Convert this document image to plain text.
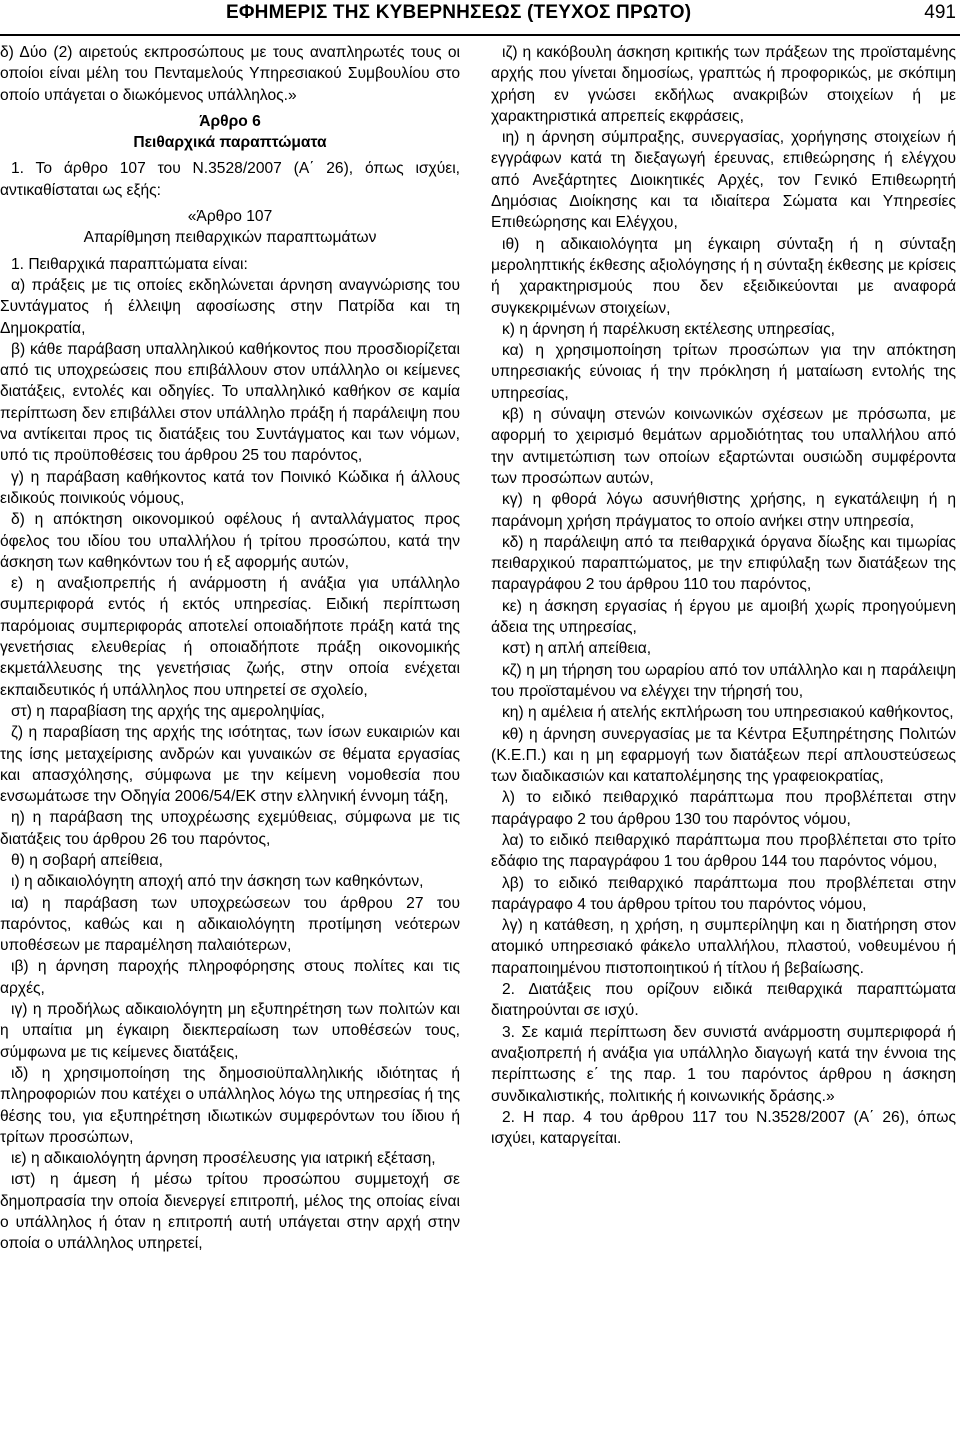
ΕΦΗΜΕΡΙΣ ΤΗΣ ΚΥΒΕΡΝΗΣΕΩΣ (ΤΕΥΧΟΣ ΠΡΩΤΟ)	491

δ) Δύο (2) αιρετούς εκπροσώπους με τους αναπληρωτές τους οι οποίοι είναι μέλη του Πενταμελούς Υπηρεσιακού Συμβουλίου στο οποίο υπάγεται ο διωκόμενος υπάλληλος.»

Άρθρο 6

Πειθαρχικά παραπτώματα

1. Το άρθρο 107 του Ν.3528/2007 (Α΄ 26), όπως ισχύει, αντικαθίσταται ως εξής:

«Άρθρο 107

Απαρίθμηση πειθαρχικών παραπτωμάτων

1. Πειθαρχικά παραπτώματα είναι:

α) πράξεις με τις οποίες εκδηλώνεται άρνηση αναγνώρισης του Συντάγματος ή έλλειψη αφοσίωσης στην Πατρίδα και τη Δημοκρατία,

β) κάθε παράβαση υπαλληλικού καθήκοντος που προσδιορίζεται από τις υποχρεώσεις που επιβάλλουν στον υπάλληλο οι κείμενες διατάξεις, εντολές και οδηγίες. Το υπαλληλικό καθήκον σε καμία περίπτωση δεν επιβάλλει στον υπάλληλο πράξη ή παράλειψη που να αντίκειται προς τις διατάξεις του Συντάγματος και των νόμων, υπό τις προϋποθέσεις του άρθρου 25 του παρόντος,

γ) η παράβαση καθήκοντος κατά τον Ποινικό Κώδικα ή άλλους ειδικούς ποινικούς νόμους,

δ) η απόκτηση οικονομικού οφέλους ή ανταλλάγματος προς όφελος του ιδίου του υπαλλήλου ή τρίτου προσώπου, κατά την άσκηση των καθηκόντων του ή εξ αφορμής αυτών,

ε) η αναξιοπρεπής ή ανάρμοστη ή ανάξια για υπάλληλο συμπεριφορά εντός ή εκτός υπηρεσίας. Ειδική περίπτωση παρόμοιας συμπεριφοράς αποτελεί οποιαδήποτε πράξη κατά της γενετήσιας ελευθερίας ή οποιαδήποτε πράξη οικονομικής εκμετάλλευσης της γενετήσιας ζωής, στην οποία ενέχεται εκπαιδευτικός ή υπάλληλος που υπηρετεί σε σχολείο,

στ) η παραβίαση της αρχής της αμεροληψίας,

ζ) η παραβίαση της αρχής της ισότητας, των ίσων ευκαιριών και της ίσης μεταχείρισης ανδρών και γυναικών σε θέματα εργασίας και απασχόλησης, σύμφωνα με την κείμενη νομοθεσία που ενσωμάτωσε την Οδηγία 2006/54/ΕΚ στην ελληνική έννομη τάξη,

η) η παράβαση της υποχρέωσης εχεμύθειας, σύμφωνα με τις διατάξεις του άρθρου 26 του παρόντος,

θ) η σοβαρή απείθεια,

ι) η αδικαιολόγητη αποχή από την άσκηση των καθηκόντων,

ια) η παράβαση των υποχρεώσεων του άρθρου 27 του παρόντος, καθώς και η αδικαιολόγητη προτίμηση νεότερων υποθέσεων με παραμέληση παλαιότερων,

ιβ) η άρνηση παροχής πληροφόρησης στους πολίτες και τις αρχές,

ιγ) η προδήλως αδικαιολόγητη μη εξυπηρέτηση των πολιτών και η υπαίτια μη έγκαιρη διεκπεραίωση των υποθέσεών τους, σύμφωνα με τις κείμενες διατάξεις,

ιδ) η χρησιμοποίηση της δημοσιοϋπαλληλικής ιδιότητας ή πληροφοριών που κατέχει ο υπάλληλος λόγω της υπηρεσίας ή της θέσης του, για εξυπηρέτηση ιδιωτικών συμφερόντων του ίδιου ή τρίτων προσώπων,

ιε) η αδικαιολόγητη άρνηση προσέλευσης για ιατρική εξέταση,

ιστ) η άμεση ή μέσω τρίτου προσώπου συμμετοχή σε δημοπρασία την οποία διενεργεί επιτροπή, μέλος της οποίας είναι ο υπάλληλος ή όταν η επιτροπή αυτή υπάγεται στην αρχή στην οποία ο υπάλληλος υπηρετεί,

ιζ) η κακόβουλη άσκηση κριτικής των πράξεων της προϊσταμένης αρχής που γίνεται δημοσίως, γραπτώς ή προφορικώς, με σκόπιμη χρήση εν γνώσει εκδήλως ανακριβών στοιχείων ή με χαρακτηριστικά απρεπείς εκφράσεις,

ιη) η άρνηση σύμπραξης, συνεργασίας, χορήγησης στοιχείων ή εγγράφων κατά τη διεξαγωγή έρευνας, επιθεώρησης ή ελέγχου από Ανεξάρτητες Διοικητικές Αρχές, τον Γενικό Επιθεωρητή Δημόσιας Διοίκησης και τα ιδιαίτερα Σώματα και Υπηρεσίες Επιθεώρησης και Ελέγχου,

ιθ) η αδικαιολόγητα μη έγκαιρη σύνταξη ή η σύνταξη μεροληπτικής έκθεσης αξιολόγησης ή η σύνταξη έκθεσης με κρίσεις ή χαρακτηρισμούς που δεν εξειδικεύονται με αναφορά συγκεκριμένων στοιχείων,

κ) η άρνηση ή παρέλκυση εκτέλεσης υπηρεσίας,

κα) η χρησιμοποίηση τρίτων προσώπων για την απόκτηση υπηρεσιακής εύνοιας ή την πρόκληση ή ματαίωση εντολής της υπηρεσίας,

κβ) η σύναψη στενών κοινωνικών σχέσεων με πρόσωπα, με αφορμή το χειρισμό θεμάτων αρμοδιότητας του υπαλλήλου από την αντιμετώπιση των οποίων εξαρτώνται ουσιώδη συμφέροντα των προσώπων αυτών,

κγ) η φθορά λόγω ασυνήθιστης χρήσης, η εγκατάλειψη ή η παράνομη χρήση πράγματος το οποίο ανήκει στην υπηρεσία,

κδ) η παράλειψη από τα πειθαρχικά όργανα δίωξης και τιμωρίας πειθαρχικού παραπτώματος, με την επιφύλαξη των διατάξεων της παραγράφου 2 του άρθρου 110 του παρόντος,

κε) η άσκηση εργασίας ή έργου με αμοιβή χωρίς προηγούμενη άδεια της υπηρεσίας,

κστ) η απλή απείθεια,

κζ) η μη τήρηση του ωραρίου από τον υπάλληλο και η παράλειψη του προϊσταμένου να ελέγχει την τήρησή του,

κη) η αμέλεια ή ατελής εκπλήρωση του υπηρεσιακού καθήκοντος,

κθ) η άρνηση συνεργασίας με τα Κέντρα Εξυπηρέτησης Πολιτών (Κ.Ε.Π.) και η μη εφαρμογή των διατάξεων περί απλουστεύσεως των διαδικασιών και καταπολέμησης της γραφειοκρατίας,

λ) το ειδικό πειθαρχικό παράπτωμα που προβλέπεται στην παράγραφο 2 του άρθρου 130 του παρόντος νόμου,

λα) το ειδικό πειθαρχικό παράπτωμα που προβλέπεται στο τρίτο εδάφιο της παραγράφου 1 του άρθρου 144 του παρόντος νόμου,

λβ) το ειδικό πειθαρχικό παράπτωμα που προβλέπεται στην παράγραφο 4 του άρθρου τρίτου του παρόντος νόμου,

λγ) η κατάθεση, η χρήση, η συμπερίληψη και η διατήρηση στον ατομικό υπηρεσιακό φάκελο υπαλλήλου, πλαστού, νοθευμένου ή παραποιημένου πιστοποιητικού ή τίτλου ή βεβαίωσης.

2. Διατάξεις που ορίζουν ειδικά πειθαρχικά παραπτώματα διατηρούνται σε ισχύ.

3. Σε καμιά περίπτωση δεν συνιστά ανάρμοστη συμπεριφορά ή αναξιοπρεπή ή ανάξια για υπάλληλο διαγωγή κατά την έννοια της περίπτωσης ε΄ της παρ. 1 του παρόντος άρθρου η άσκηση συνδικαλιστικής, πολιτικής ή κοινωνικής δράσης.»

2. Η παρ. 4 του άρθρου 117 του Ν.3528/2007 (Α΄ 26), όπως ισχύει, καταργείται.
